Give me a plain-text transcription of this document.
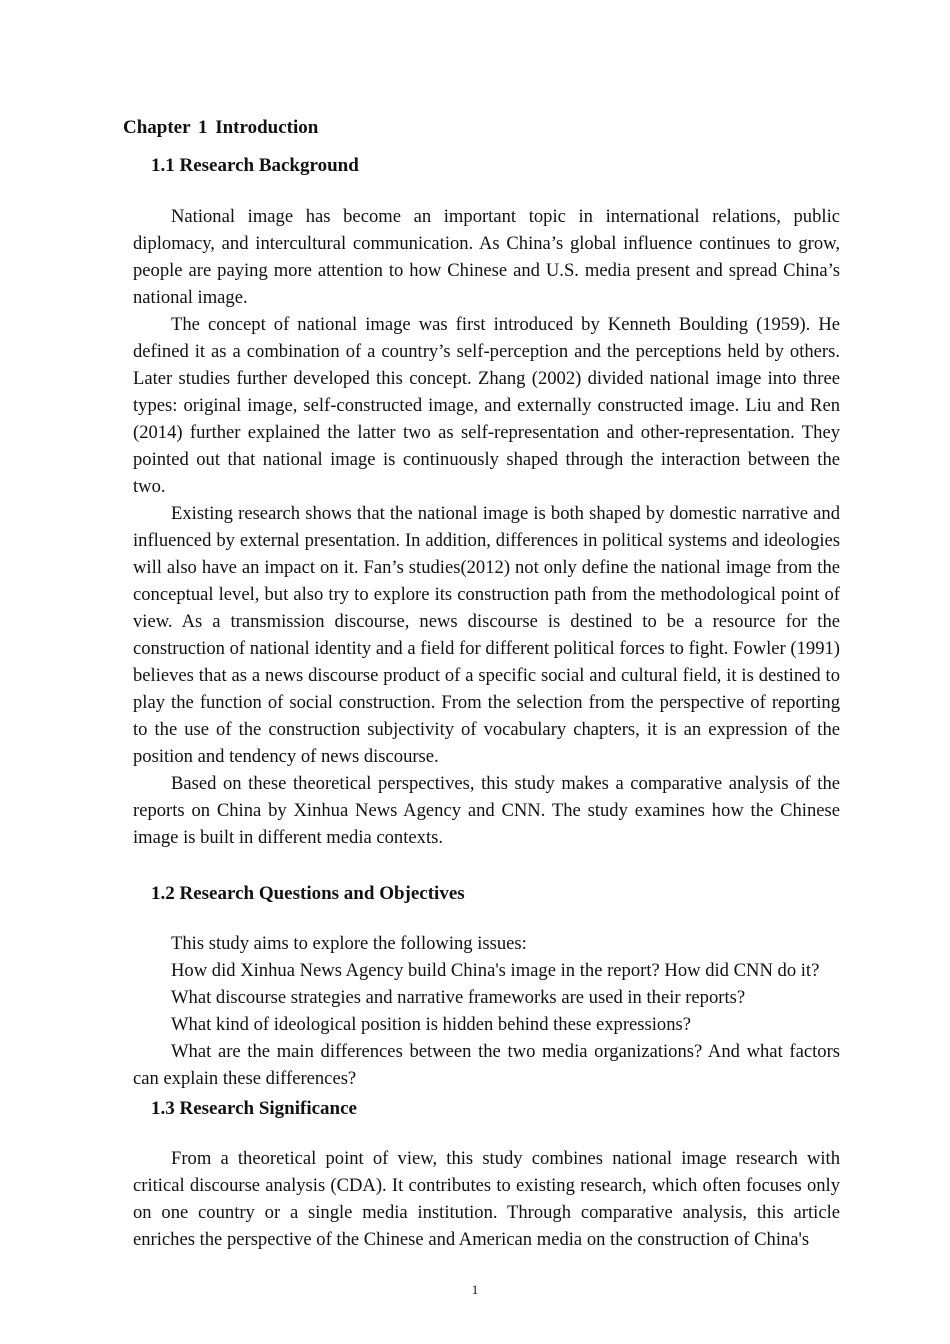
Chapter 1 Introduction
1.1 Research Background

National image has become an important topic in international relations, public diplomacy, and intercultural communication. As China’s global influence continues to grow, people are paying more attention to how Chinese and U.S. media present and spread China’s national image.

The concept of national image was first introduced by Kenneth Boulding (1959). He defined it as a combination of a country’s self-perception and the perceptions held by others. Later studies further developed this concept. Zhang (2002) divided national image into three types: original image, self-constructed image, and externally constructed image. Liu and Ren (2014) further explained the latter two as self-representation and other-representation. They pointed out that national image is continuously shaped through the interaction between the two.

Existing research shows that the national image is both shaped by domestic narrative and influenced by external presentation. In addition, differences in political systems and ideologies will also have an impact on it. Fan’s studies(2012) not only define the national image from the conceptual level, but also try to explore its construction path from the methodological point of view. As a transmission discourse, news discourse is destined to be a resource for the construction of national identity and a field for different political forces to fight. Fowler (1991) believes that as a news discourse product of a specific social and cultural field, it is destined to play the function of social construction. From the selection from the perspective of reporting to the use of the construction subjectivity of vocabulary chapters, it is an expression of the position and tendency of news discourse.

Based on these theoretical perspectives, this study makes a comparative analysis of the reports on China by Xinhua News Agency and CNN. The study examines how the Chinese image is built in different media contexts.

1.2 Research Questions and Objectives

This study aims to explore the following issues:

How did Xinhua News Agency build China's image in the report? How did CNN do it?

What discourse strategies and narrative frameworks are used in their reports?

What kind of ideological position is hidden behind these expressions?

What are the main differences between the two media organizations? And what factors can explain these differences?

1.3 Research Significance

From a theoretical point of view, this study combines national image research with critical discourse analysis (CDA). It contributes to existing research, which often focuses only on one country or a single media institution. Through comparative analysis, this article enriches the perspective of the Chinese and American media on the construction of China's

1
